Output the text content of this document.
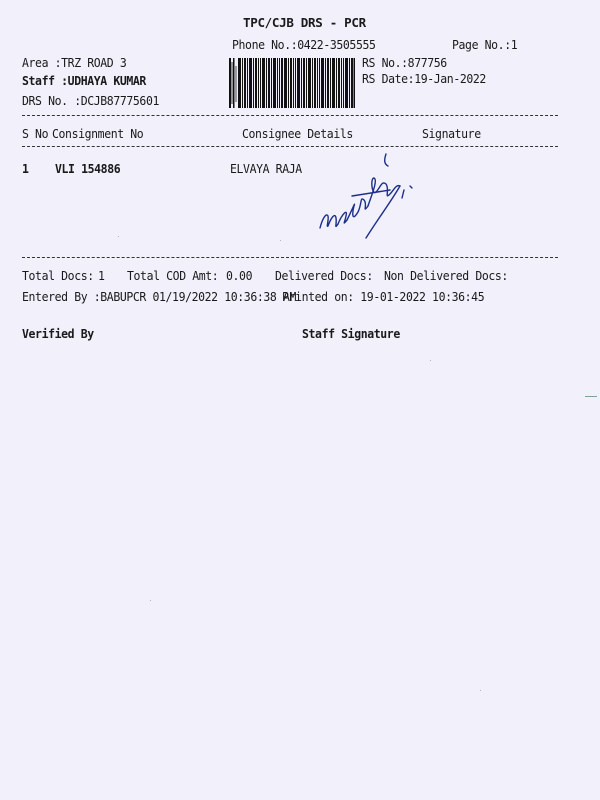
TPC/CJB DRS - PCR
Phone No.:0422-3505555	Page No.:1
Area :TRZ ROAD 3
Staff :UDHAYA KUMAR
DRS No. :DCJB87775601
RS No.:877756
RS Date:19-Jan-2022
S No Consignment No	Consignee Details	Signature
1 VLI 154886	ELVAYA RAJA
Total Docs: 1 Total COD Amt: 0.00 Delivered Docs: Non Delivered Docs:
Entered By :BABUPCR 01/19/2022 10:36:38 AM
Printed on: 19-01-2022 10:36:45
Verified By	Staff Signature
